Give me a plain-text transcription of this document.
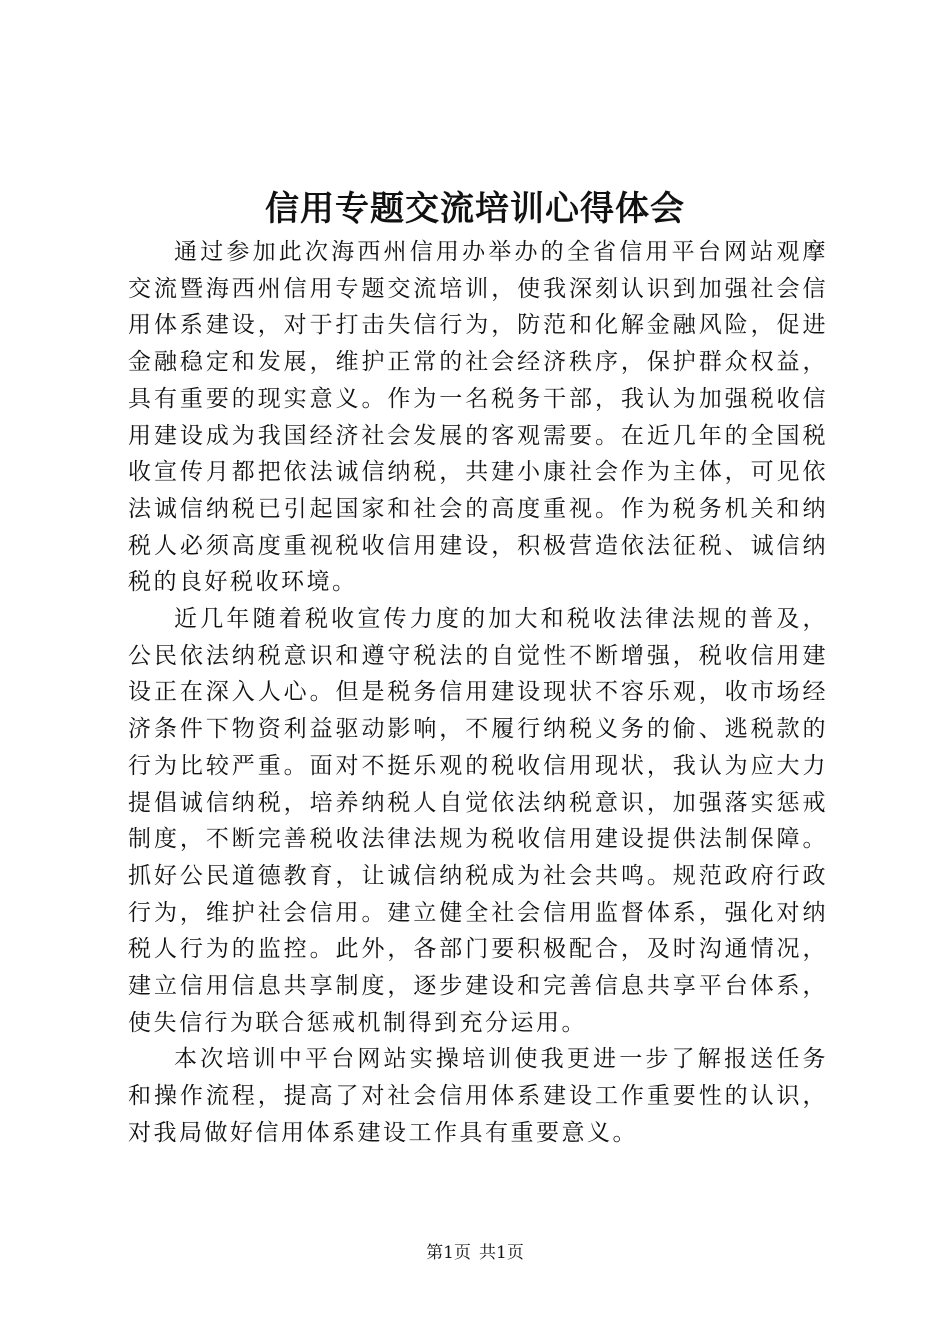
信用专题交流培训心得体会

通过参加此次海西州信用办举办的全省信用平台网站观摩交流暨海西州信用专题交流培训，使我深刻认识到加强社会信用体系建设，对于打击失信行为，防范和化解金融风险，促进金融稳定和发展，维护正常的社会经济秩序，保护群众权益，具有重要的现实意义。作为一名税务干部，我认为加强税收信用建设成为我国经济社会发展的客观需要。在近几年的全国税收宣传月都把依法诚信纳税，共建小康社会作为主体，可见依法诚信纳税已引起国家和社会的高度重视。作为税务机关和纳税人必须高度重视税收信用建设，积极营造依法征税、诚信纳税的良好税收环境。

近几年随着税收宣传力度的加大和税收法律法规的普及，公民依法纳税意识和遵守税法的自觉性不断增强，税收信用建设正在深入人心。但是税务信用建设现状不容乐观，收市场经济条件下物资利益驱动影响，不履行纳税义务的偷、逃税款的行为比较严重。面对不挺乐观的税收信用现状，我认为应大力提倡诚信纳税，培养纳税人自觉依法纳税意识，加强落实惩戒制度，不断完善税收法律法规为税收信用建设提供法制保障。抓好公民道德教育，让诚信纳税成为社会共鸣。规范政府行政行为，维护社会信用。建立健全社会信用监督体系，强化对纳税人行为的监控。此外，各部门要积极配合，及时沟通情况，建立信用信息共享制度，逐步建设和完善信息共享平台体系，使失信行为联合惩戒机制得到充分运用。

本次培训中平台网站实操培训使我更进一步了解报送任务和操作流程，提高了对社会信用体系建设工作重要性的认识，对我局做好信用体系建设工作具有重要意义。

第1页 共1页
